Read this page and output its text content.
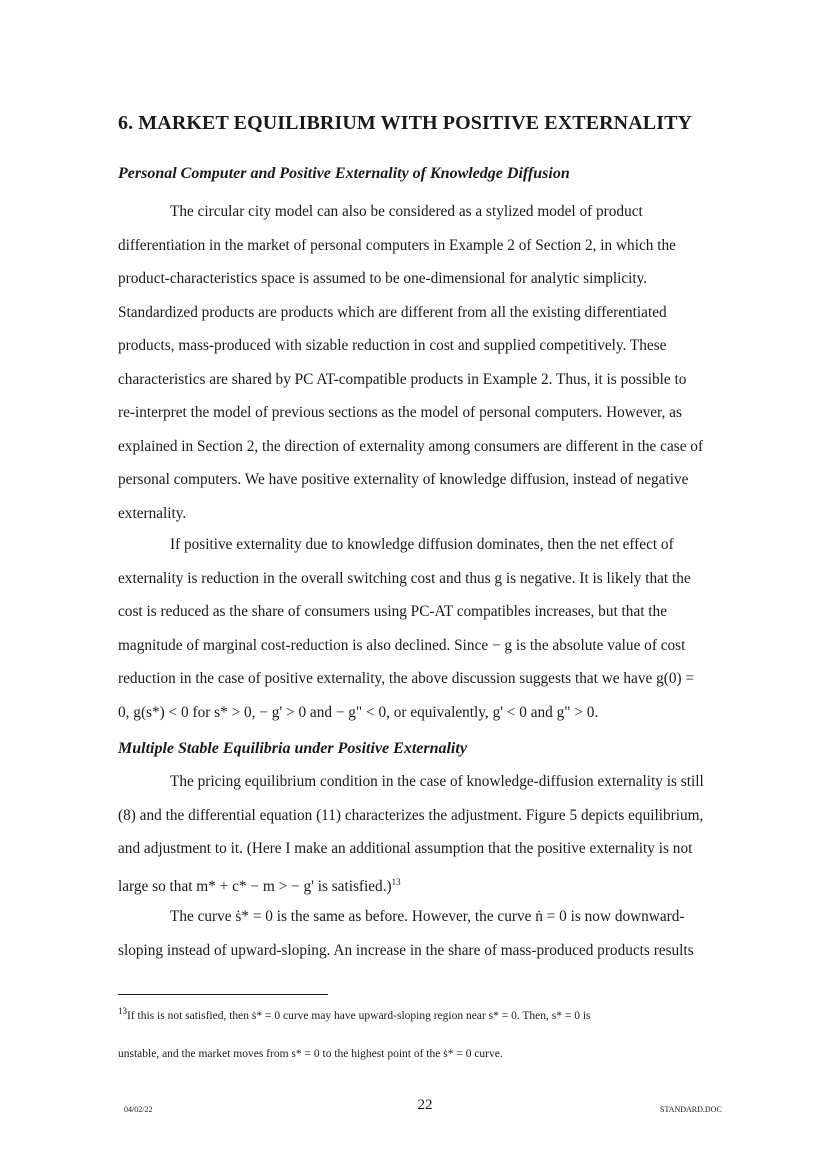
6. MARKET EQUILIBRIUM WITH POSITIVE EXTERNALITY
Personal Computer and Positive Externality of Knowledge Diffusion
The circular city model can also be considered as a stylized model of product
differentiation in the market of personal computers in Example 2 of Section 2, in which the
product-characteristics space is assumed to be one-dimensional for analytic simplicity.
Standardized products are products which are different from all the existing differentiated
products, mass-produced with sizable reduction in cost and supplied competitively. These
characteristics are shared by PC AT-compatible products in Example 2. Thus, it is possible to
re-interpret the model of previous sections as the model of personal computers. However, as
explained in Section 2, the direction of externality among consumers are different in the case of
personal computers. We have positive externality of knowledge diffusion, instead of negative
externality.
If positive externality due to knowledge diffusion dominates, then the net effect of
externality is reduction in the overall switching cost and thus g is negative. It is likely that the
cost is reduced as the share of consumers using PC-AT compatibles increases, but that the
magnitude of marginal cost-reduction is also declined. Since − g is the absolute value of cost
reduction in the case of positive externality, the above discussion suggests that we have g(0) =
0, g(s*) < 0 for s* > 0, − g' > 0 and − g" < 0, or equivalently, g' < 0 and g" > 0.
Multiple Stable Equilibria under Positive Externality
The pricing equilibrium condition in the case of knowledge-diffusion externality is still
(8) and the differential equation (11) characterizes the adjustment. Figure 5 depicts equilibrium,
and adjustment to it. (Here I make an additional assumption that the positive externality is not
large so that m* + c* − m > − g' is satisfied.)$^{13}$
The curve ṡ* = 0 is the same as before. However, the curve ṅ = 0 is now downward-
sloping instead of upward-sloping. An increase in the share of mass-produced products results
$^{13}$If this is not satisfied, then ṡ* = 0 curve may have upward-sloping region near s* = 0. Then, s* = 0 is
unstable, and the market moves from s* = 0 to the highest point of the ṡ* = 0 curve.
04/02/22	22	STANDARD.DOC
